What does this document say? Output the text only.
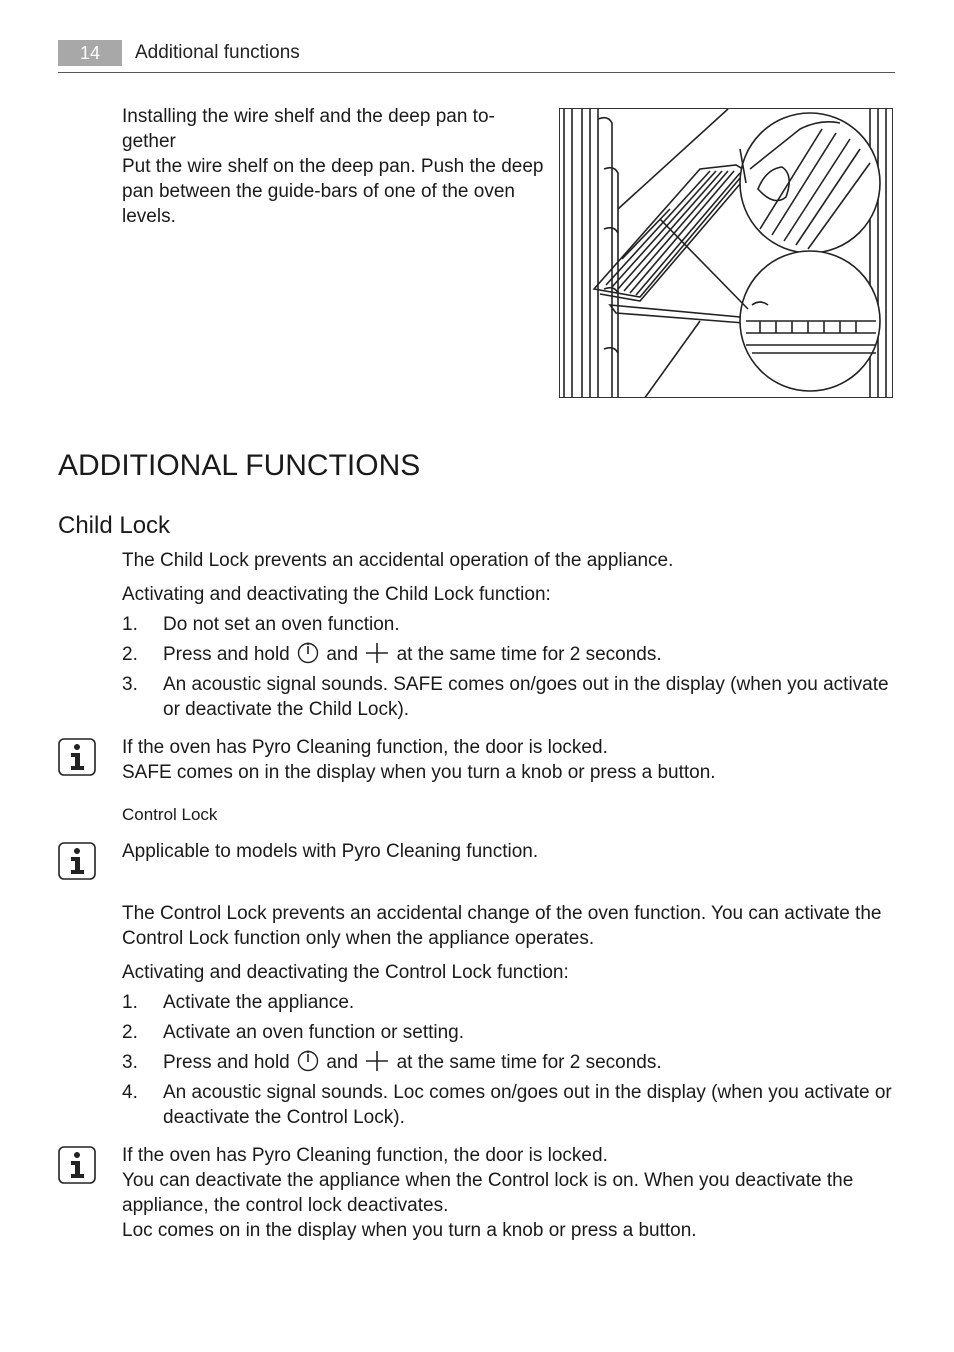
14	Additional functions

Installing the wire shelf and the deep pan to-gether

Put the wire shelf on the deep pan. Push the deep pan between the guide-bars of one of the oven levels.

ADDITIONAL FUNCTIONS
Child Lock

The Child Lock prevents an accidental operation of the appliance.

Activating and deactivating the Child Lock function:

1.	Do not set an oven function.
2.	Press and hold and at the same time for 2 seconds.
3.	An acoustic signal sounds. SAFE comes on/goes out in the display (when you activate or deactivate the Child Lock).

If the oven has Pyro Cleaning function, the door is locked.

SAFE comes on in the display when you turn a knob or press a button.

Control Lock

Applicable to models with Pyro Cleaning function.

The Control Lock prevents an accidental change of the oven function. You can activate the Control Lock function only when the appliance operates.

Activating and deactivating the Control Lock function:

1.	Activate the appliance.
2.	Activate an oven function or setting.
3.	Press and hold and at the same time for 2 seconds.
4.	An acoustic signal sounds. Loc comes on/goes out in the display (when you activate or deactivate the Control Lock).

If the oven has Pyro Cleaning function, the door is locked.

You can deactivate the appliance when the Control lock is on. When you deactivate the appliance, the control lock deactivates.

Loc comes on in the display when you turn a knob or press a button.
